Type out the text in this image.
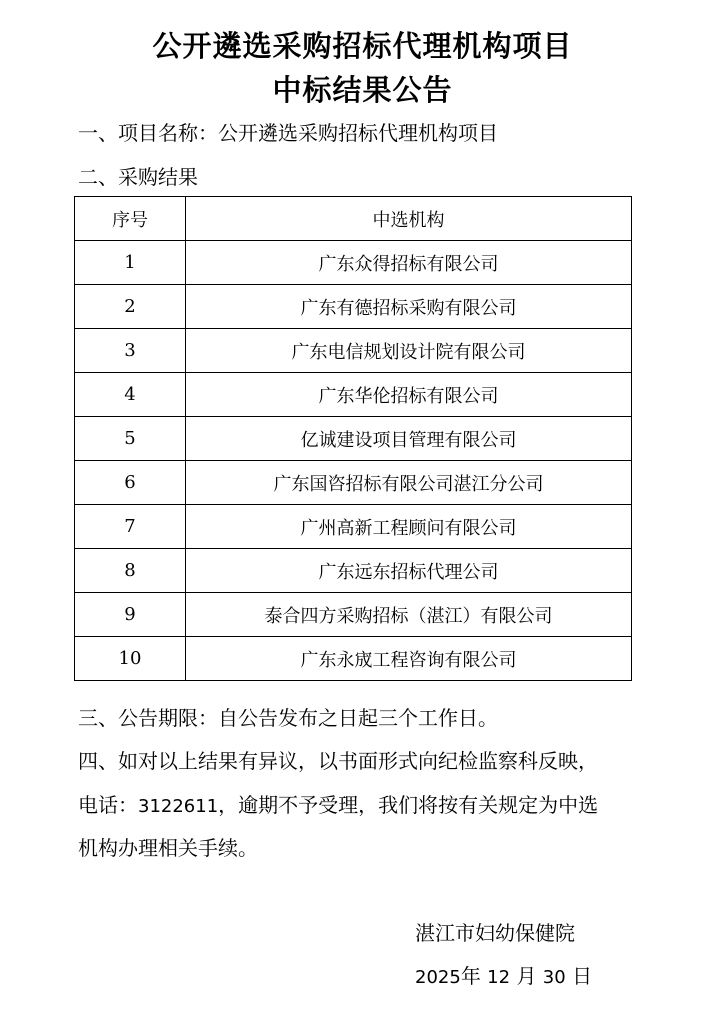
公开遴选采购招标代理机构项目
中标结果公告
一、项目名称：公开遴选采购招标代理机构项目
二、采购结果
序号	中选机构
1	广东众得招标有限公司
2	广东有德招标采购有限公司
3	广东电信规划设计院有限公司
4	广东华伦招标有限公司
5	亿诚建设项目管理有限公司
6	广东国咨招标有限公司湛江分公司
7	广州高新工程顾问有限公司
8	广东远东招标代理公司
9	泰合四方采购招标（湛江）有限公司
10	广东永宬工程咨询有限公司
三、公告期限：自公告发布之日起三个工作日。
四、如对以上结果有异议，以书面形式向纪检监察科反映，
电话：3122611，逾期不予受理，我们将按有关规定为中选
机构办理相关手续。
湛江市妇幼保健院
2025年 12 月 30 日
